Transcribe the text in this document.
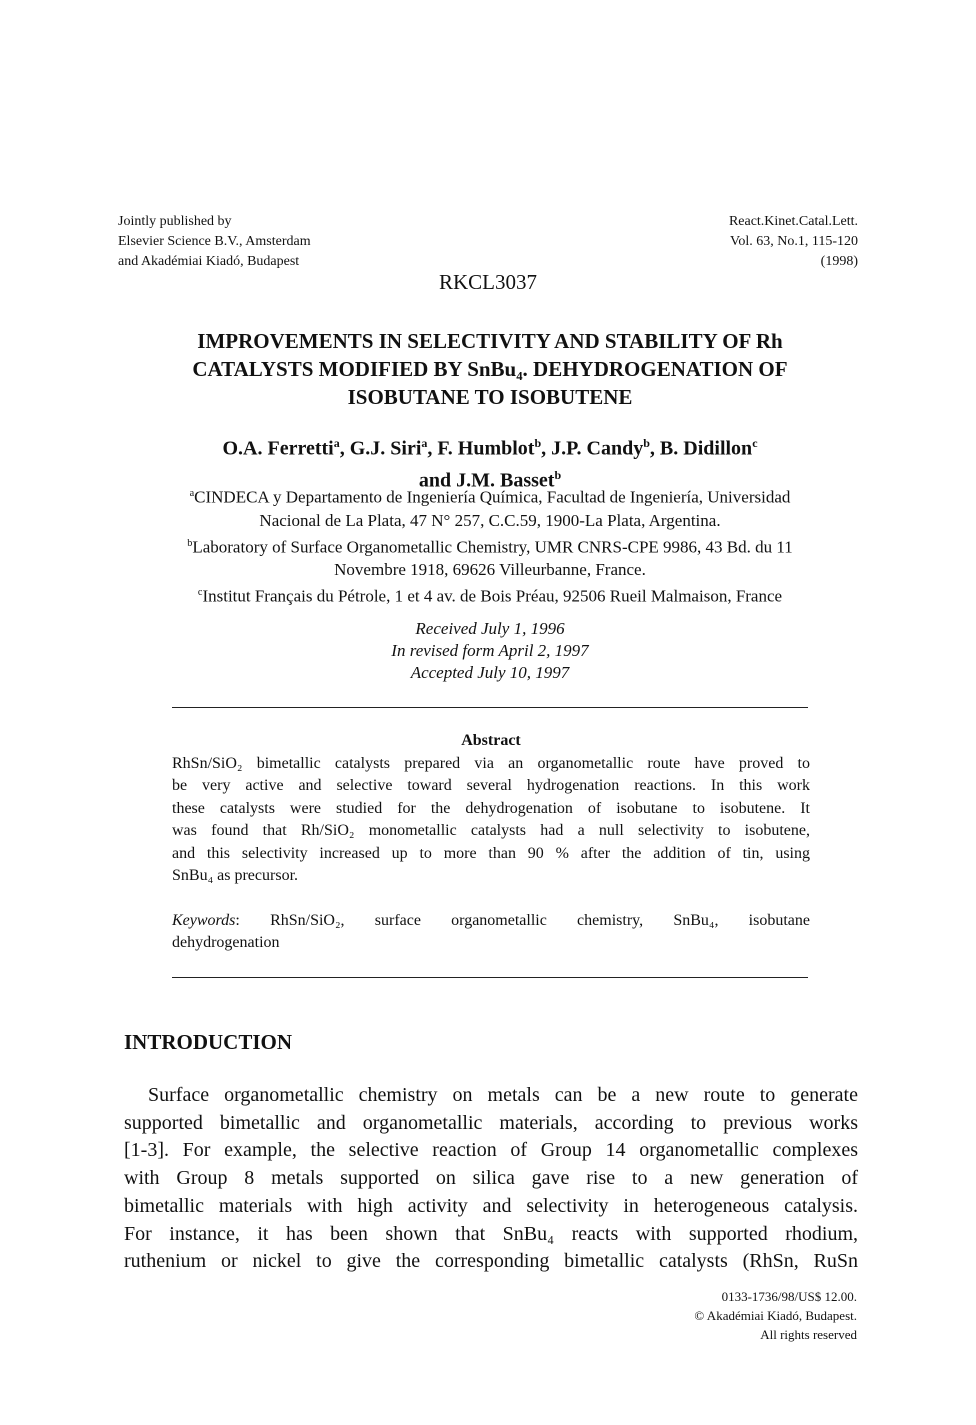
Jointly published by
Elsevier Science B.V., Amsterdam
and Akadémiai Kiadó, Budapest
React.Kinet.Catal.Lett.
Vol. 63, No.1, 115-120
(1998)
RKCL3037
IMPROVEMENTS IN SELECTIVITY AND STABILITY OF Rh
CATALYSTS MODIFIED BY SnBu₄. DEHYDROGENATION OF
ISOBUTANE TO ISOBUTENE
O.A. Ferretti$^a$, G.J. Siri$^a$, F. Humblot$^b$, J.P. Candy$^b$, B. Didillon$^c$
and J.M. Basset$^b$
$^a$CINDECA y Departamento de Ingeniería Química, Facultad de Ingeniería, Universidad
Nacional de La Plata, 47 N° 257, C.C.59, 1900-La Plata, Argentina.
$^b$Laboratory of Surface Organometallic Chemistry, UMR CNRS-CPE 9986, 43 Bd. du 11
Novembre 1918, 69626 Villeurbanne, France.
$^c$Institut Français du Pétrole, 1 et 4 av. de Bois Préau, 92506 Rueil Malmaison, France
Received July 1, 1996
In revised form April 2, 1997
Accepted July 10, 1997
Abstract
RhSn/SiO₂ bimetallic catalysts prepared via an organometallic route have proved to
be very active and selective toward several hydrogenation reactions. In this work
these catalysts were studied for the dehydrogenation of isobutane to isobutene. It
was found that Rh/SiO₂ monometallic catalysts had a null selectivity to isobutene,
and this selectivity increased up to more than 90 % after the addition of tin, using
SnBu₄ as precursor.
Keywords: RhSn/SiO₂, surface organometallic chemistry, SnBu₄, isobutane
dehydrogenation
INTRODUCTION
Surface organometallic chemistry on metals can be a new route to generate
supported bimetallic and organometallic materials, according to previous works
[1-3]. For example, the selective reaction of Group 14 organometallic complexes
with Group 8 metals supported on silica gave rise to a new generation of
bimetallic materials with high activity and selectivity in heterogeneous catalysis.
For instance, it has been shown that SnBu₄ reacts with supported rhodium,
ruthenium or nickel to give the corresponding bimetallic catalysts (RhSn, RuSn
0133-1736/98/US$ 12.00.
© Akadémiai Kiadó, Budapest.
All rights reserved
